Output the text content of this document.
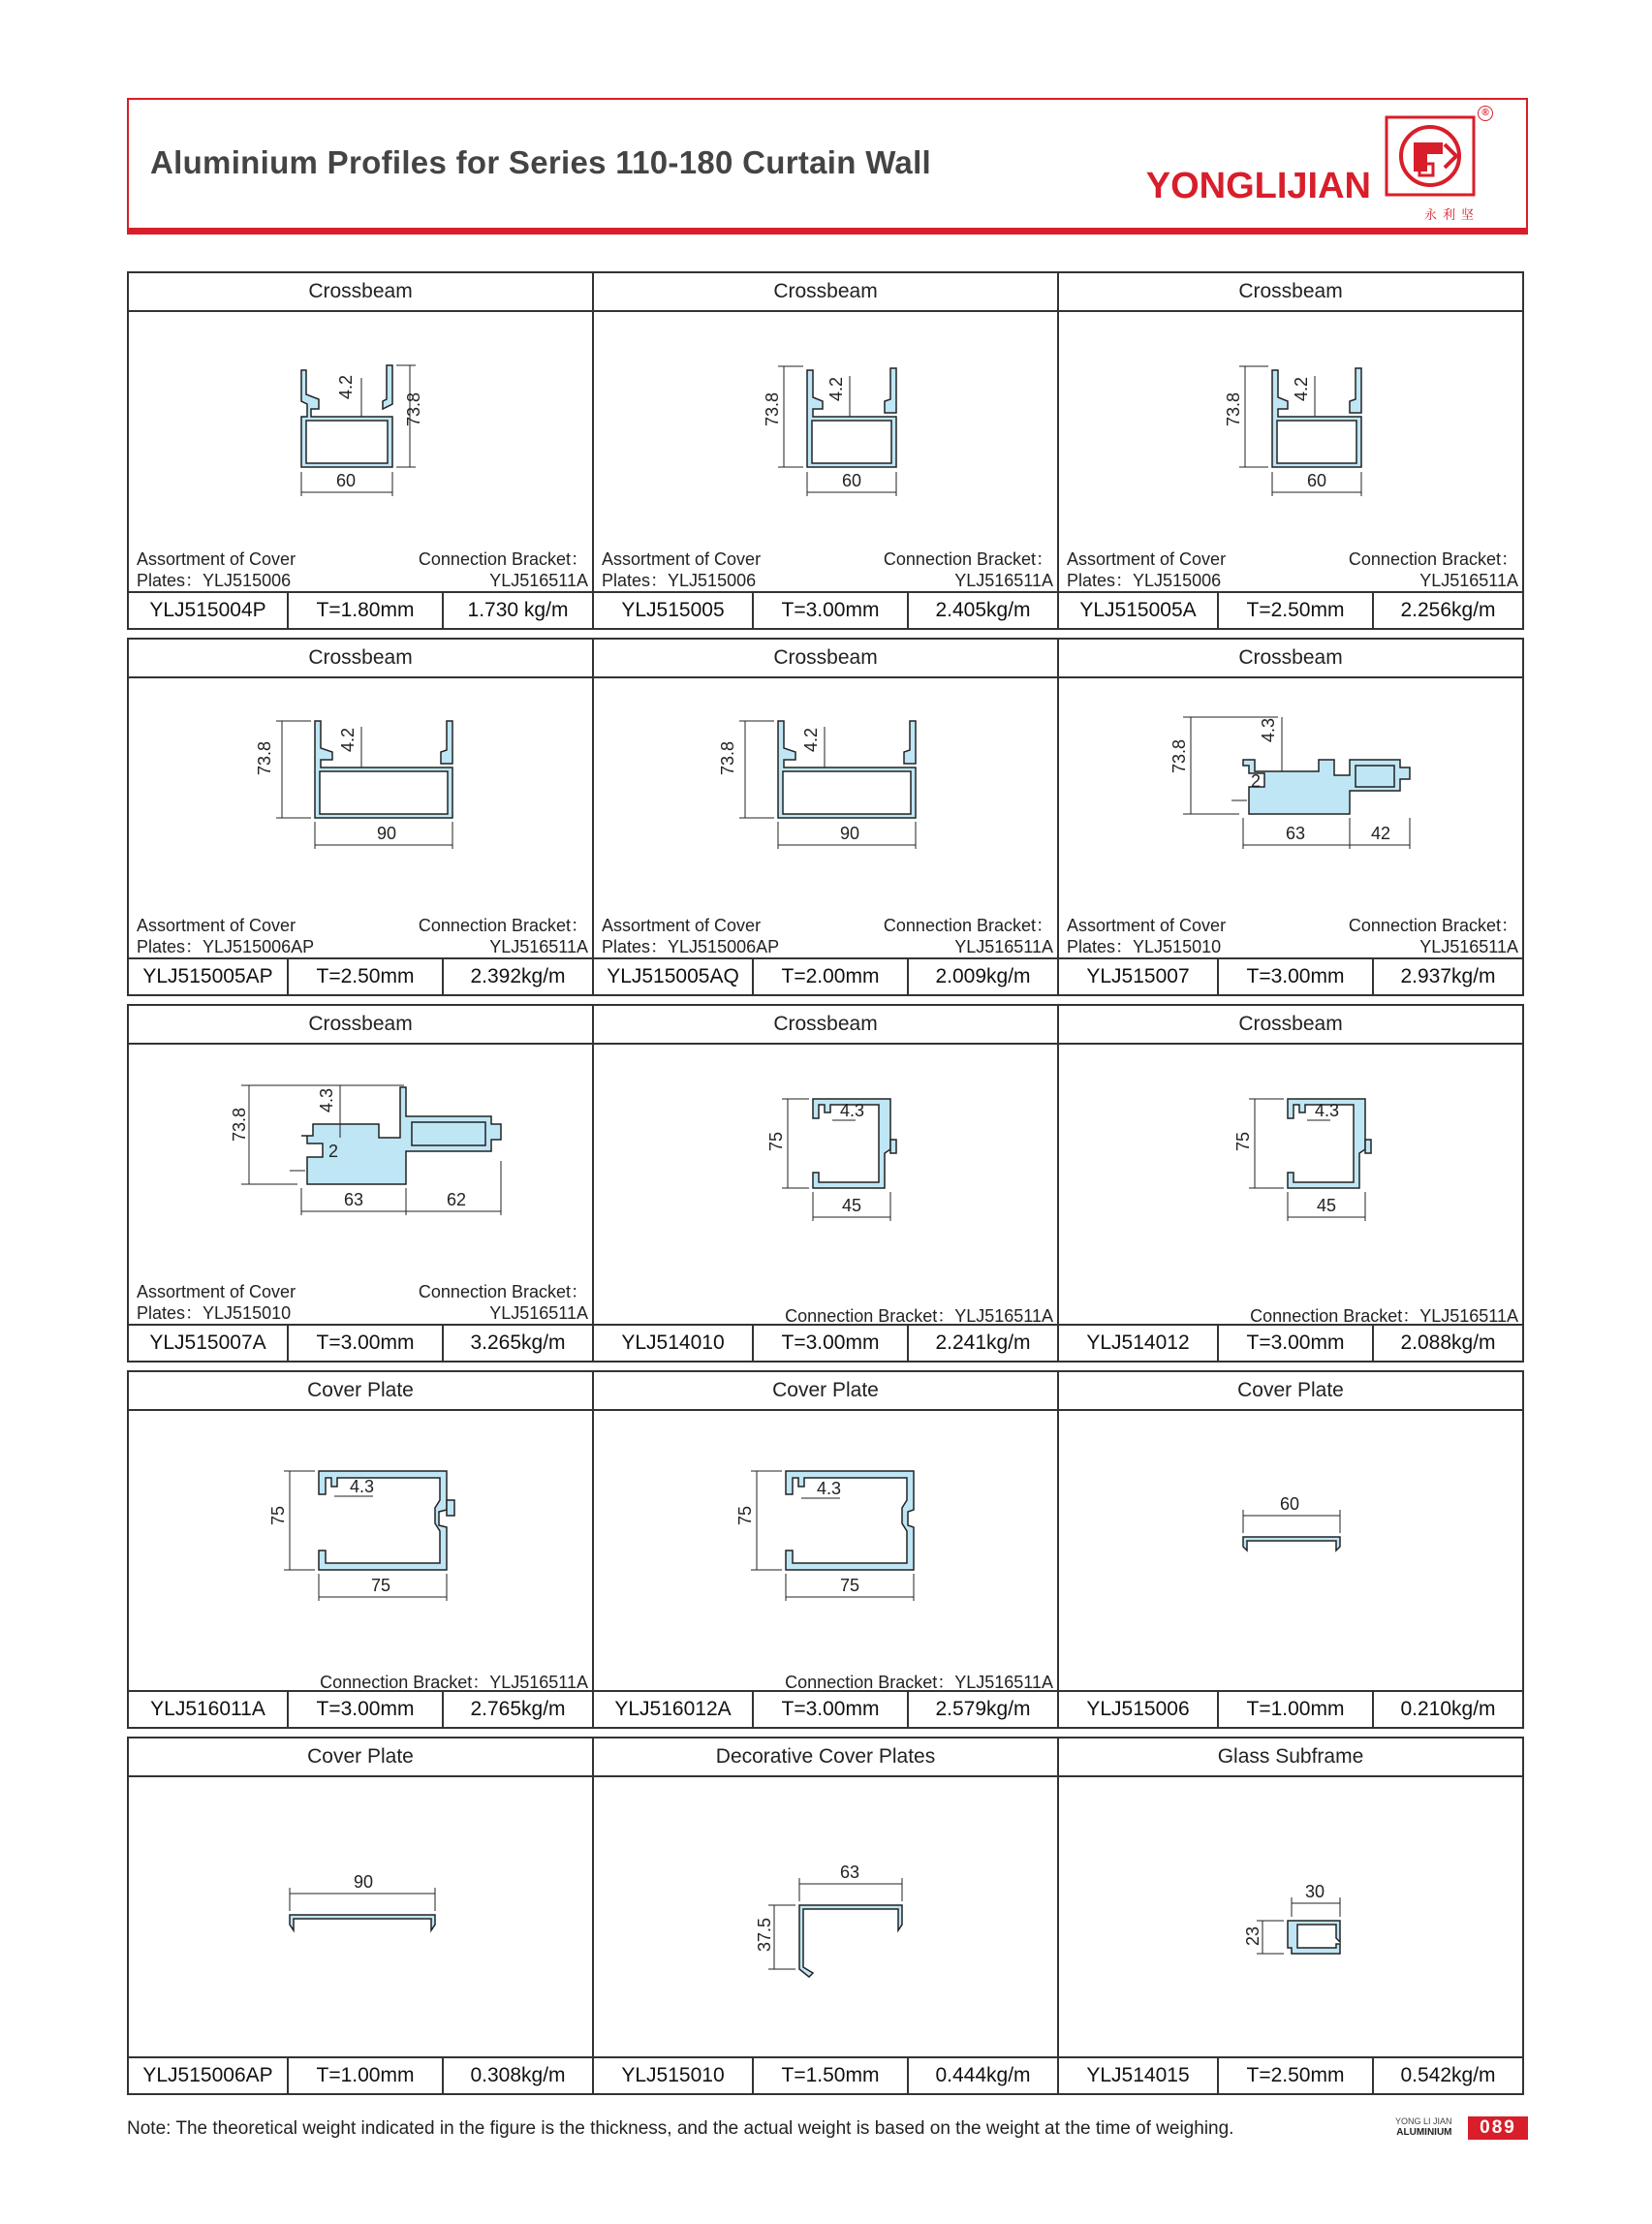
Aluminium Profiles for Series 110-180 Curtain Wall
YONGLIJIAN
永利坚
®
Crossbeam
4.2
73.8
60
Assortment of Cover
Plates：YLJ515006
Connection Bracket：
YLJ516511A
YLJ515004P	T=1.80mm	1.730 kg/m
Crossbeam
4.2
73.8
60
Assortment of Cover
Plates：YLJ515006
Connection Bracket：
YLJ516511A
YLJ515005	T=3.00mm	2.405kg/m
Crossbeam
4.2
73.8
60
Assortment of Cover
Plates：YLJ515006
Connection Bracket：
YLJ516511A
YLJ515005A	T=2.50mm	2.256kg/m
Crossbeam
4.2
73.8
90
Assortment of Cover
Plates：YLJ515006AP
Connection Bracket：
YLJ516511A
YLJ515005AP	T=2.50mm	2.392kg/m
Crossbeam
4.2
73.8
90
Assortment of Cover
Plates：YLJ515006AP
Connection Bracket：
YLJ516511A
YLJ515005AQ	T=2.00mm	2.009kg/m
Crossbeam
4.3
73.8
2
63	42
Assortment of Cover
Plates：YLJ515010
Connection Bracket：
YLJ516511A
YLJ515007	T=3.00mm	2.937kg/m
Crossbeam
4.3
73.8
2
63	62
Assortment of Cover
Plates：YLJ515010
Connection Bracket：
YLJ516511A
YLJ515007A	T=3.00mm	3.265kg/m
Crossbeam
4.3
75
45
Connection Bracket：YLJ516511A
YLJ514010	T=3.00mm	2.241kg/m
Crossbeam
4.3
75
45
Connection Bracket：YLJ516511A
YLJ514012	T=3.00mm	2.088kg/m
Cover Plate
4.3
75
75
Connection Bracket：YLJ516511A
YLJ516011A	T=3.00mm	2.765kg/m
Cover Plate
4.3
75
75
Connection Bracket：YLJ516511A
YLJ516012A	T=3.00mm	2.579kg/m
Cover Plate
60
YLJ515006	T=1.00mm	0.210kg/m
Cover Plate
90
YLJ515006AP	T=1.00mm	0.308kg/m
Decorative Cover Plates
63
37.5
YLJ515010	T=1.50mm	0.444kg/m
Glass Subframe
30
23
YLJ514015	T=2.50mm	0.542kg/m
Note: The theoretical weight indicated in the figure is the thickness, and the actual weight is based on the weight at the time of weighing.	YONG LI JIAN
ALUMINIUM	089
